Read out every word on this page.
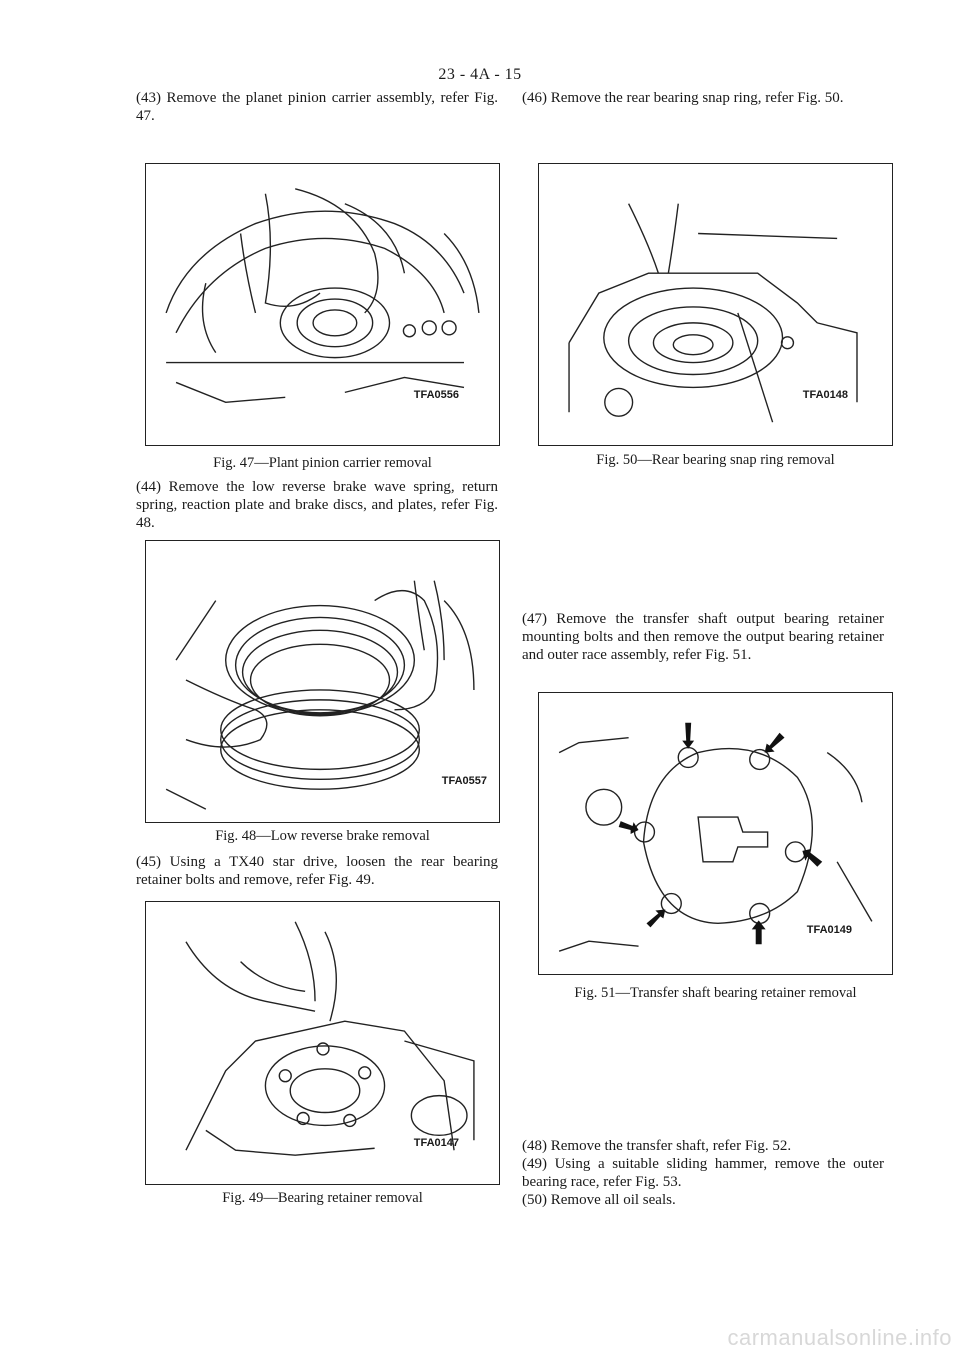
23 - 4A - 15

(43) Remove the planet pinion carrier assembly, refer Fig. 47.

TFA0556
Fig. 47—Plant pinion carrier removal

(44) Remove the low reverse brake wave spring, return spring, reaction plate and brake discs, and plates, refer Fig. 48.

TFA0557
Fig. 48—Low reverse brake removal

(45) Using a TX40 star drive, loosen the rear bearing retainer bolts and remove, refer Fig. 49.

TFA0147
Fig. 49—Bearing retainer removal

(46) Remove the rear bearing snap ring, refer Fig. 50.

TFA0148
Fig. 50—Rear bearing snap ring removal

(47) Remove the transfer shaft output bearing retainer mounting bolts and then remove the output bearing retainer and outer race assembly, refer Fig. 51.

TFA0149
Fig. 51—Transfer shaft bearing retainer removal

(48) Remove the transfer shaft, refer Fig. 52.

(49) Using a suitable sliding hammer, remove the outer bearing race, refer Fig. 53.

(50) Remove all oil seals.

carmanualsonline.info
